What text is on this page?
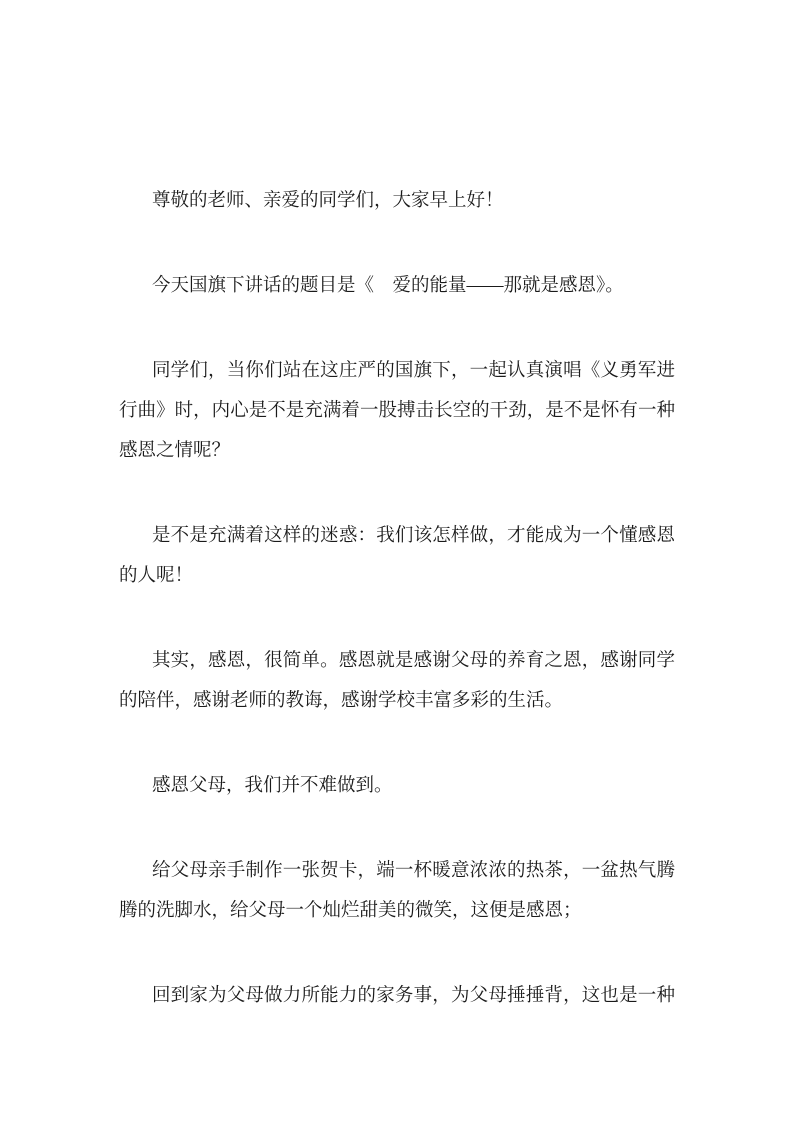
尊敬的老师、亲爱的同学们，大家早上好！
今天国旗下讲话的题目是《　爱的能量——那就是感恩》。
同学们，当你们站在这庄严的国旗下，一起认真演唱《义勇军进
行曲》时，内心是不是充满着一股搏击长空的干劲，是不是怀有一种
感恩之情呢？
是不是充满着这样的迷惑：我们该怎样做，才能成为一个懂感恩
的人呢！
其实，感恩，很简单。感恩就是感谢父母的养育之恩，感谢同学
的陪伴，感谢老师的教诲，感谢学校丰富多彩的生活。
感恩父母，我们并不难做到。
给父母亲手制作一张贺卡，端一杯暖意浓浓的热茶，一盆热气腾
腾的洗脚水，给父母一个灿烂甜美的微笑，这便是感恩；
回到家为父母做力所能力的家务事，为父母捶捶背，这也是一种
